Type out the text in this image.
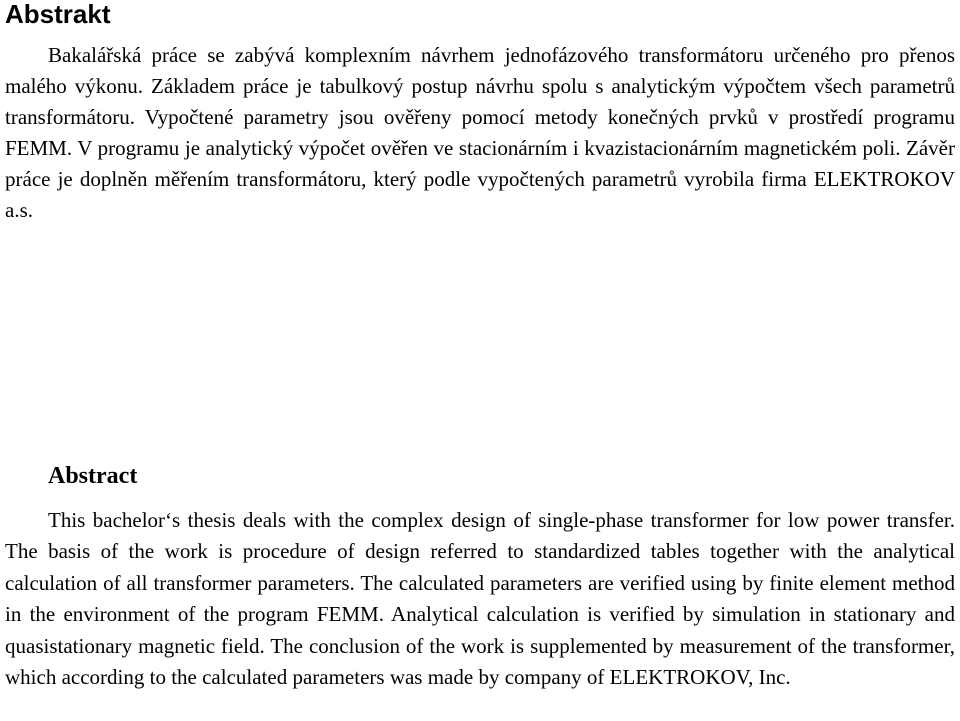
Abstrakt

Bakalářská práce se zabývá komplexním návrhem jednofázového transformátoru určeného pro přenos malého výkonu. Základem práce je tabulkový postup návrhu spolu s analytickým výpočtem všech parametrů transformátoru. Vypočtené parametry jsou ověřeny pomocí metody konečných prvků v prostředí programu FEMM. V programu je analytický výpočet ověřen ve stacionárním i kvazistacionárním magnetickém poli. Závěr práce je doplněn měřením transformátoru, který podle vypočtených parametrů vyrobila firma ELEKTROKOV a.s.

Abstract

This bachelor‘s thesis deals with the complex design of single-phase transformer for low power transfer. The basis of the work is procedure of design referred to standardized tables together with the analytical calculation of all transformer parameters. The calculated parameters are verified using by finite element method in the environment of the program FEMM. Analytical calculation is verified by simulation in stationary and quasistationary magnetic field. The conclusion of the work is supplemented by measurement of the transformer, which according to the calculated parameters was made by company of ELEKTROKOV, Inc.
